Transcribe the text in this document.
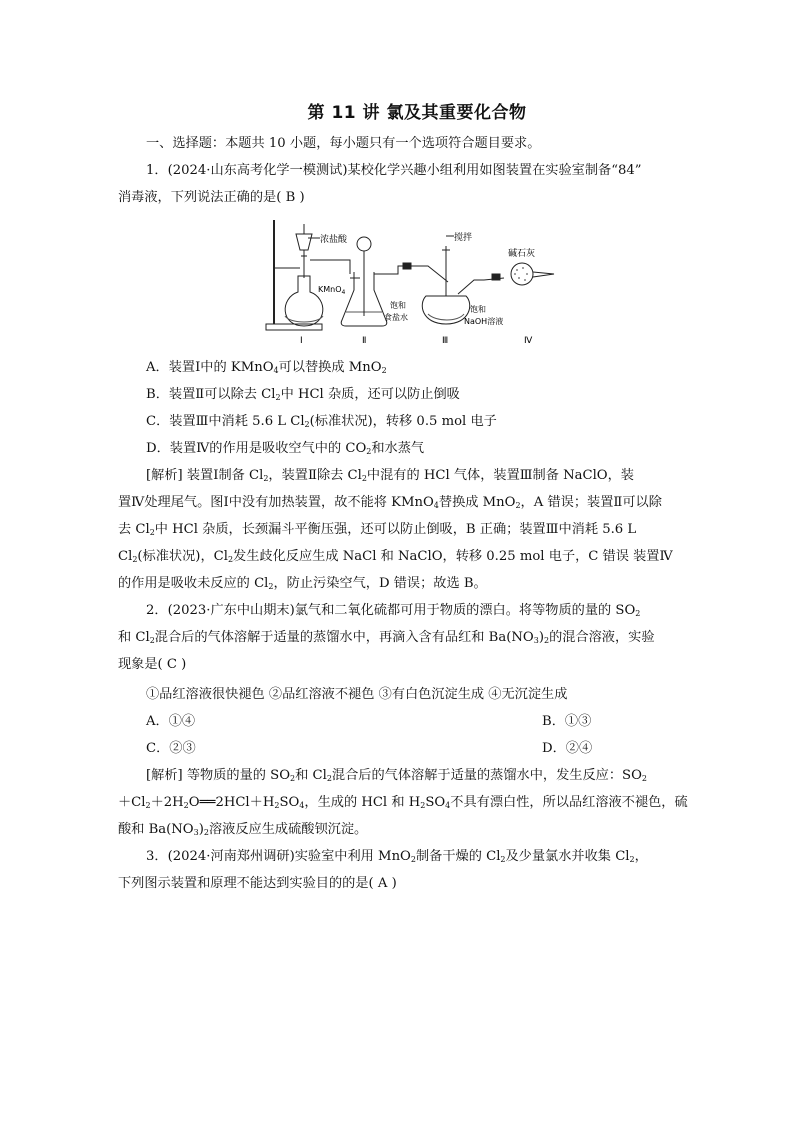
第 11 讲 氯及其重要化合物
一、选择题：本题共 10 小题，每小题只有一个选项符合题目要求。
1．(2024·山东高考化学一模测试)某校化学兴趣小组利用如图装置在实验室制备“84”
消毒液，下列说法正确的是( B )
浓盐酸
KMnO$_4$
搅拌
碱石灰
饱和
食盐水
饱和
NaOH溶液
Ⅰ	Ⅱ	Ⅲ	Ⅳ
A．装置Ⅰ中的 KMnO$_4$可以替换成 MnO$_2$
B．装置Ⅱ可以除去 $Cl_2$中 HCl 杂质，还可以防止倒吸
C．装置Ⅲ中消耗 5.6 L $Cl_2$(标准状况)，转移 0.5 mol 电子
D．装置Ⅳ的作用是吸收空气中的 $CO_2$和水蒸气
[解析] 装置Ⅰ制备 $Cl_2$，装置Ⅱ除去 $Cl_2$中混有的 HCl 气体，装置Ⅲ制备 NaClO，装
置Ⅳ处理尾气。图Ⅰ中没有加热装置，故不能将 KMnO$_4$替换成 MnO$_2$，A 错误；装置Ⅱ可以除
去 $Cl_2$中 HCl 杂质，长颈漏斗平衡压强，还可以防止倒吸，B 正确；装置Ⅲ中消耗 5.6 L
$Cl_2$(标准状况)，$Cl_2$发生歧化反应生成 NaCl 和 NaClO，转移 0.25 mol 电子，C 错误 装置Ⅳ
的作用是吸收未反应的 $Cl_2$，防止污染空气，D 错误；故选 B。
2．(2023·广东中山期末)氯气和二氧化硫都可用于物质的漂白。将等物质的量的 $SO_2$
和 $Cl_2$混合后的气体溶解于适量的蒸馏水中，再滴入含有品红和 $Ba(NO_3)_2$的混合溶液，实验
现象是( C )
①品红溶液很快褪色 ②品红溶液不褪色 ③有白色沉淀生成 ④无沉淀生成
A．①④	B．①③
C．②③	D．②④
[解析] 等物质的量的 $SO_2$和 $Cl_2$混合后的气体溶解于适量的蒸馏水中，发生反应：$SO_2$
$+Cl_2+2H_2O══2HCl+H_2SO_4$，生成的 HCl 和 $H_2SO_4$不具有漂白性，所以品红溶液不褪色，硫
酸和 $Ba(NO_3)_2$溶液反应生成硫酸钡沉淀。
3．(2024·河南郑州调研)实验室中利用 MnO$_2$制备干燥的 $Cl_2$及少量氯水并收集 $Cl_2$，
下列图示装置和原理不能达到实验目的的是( A )
